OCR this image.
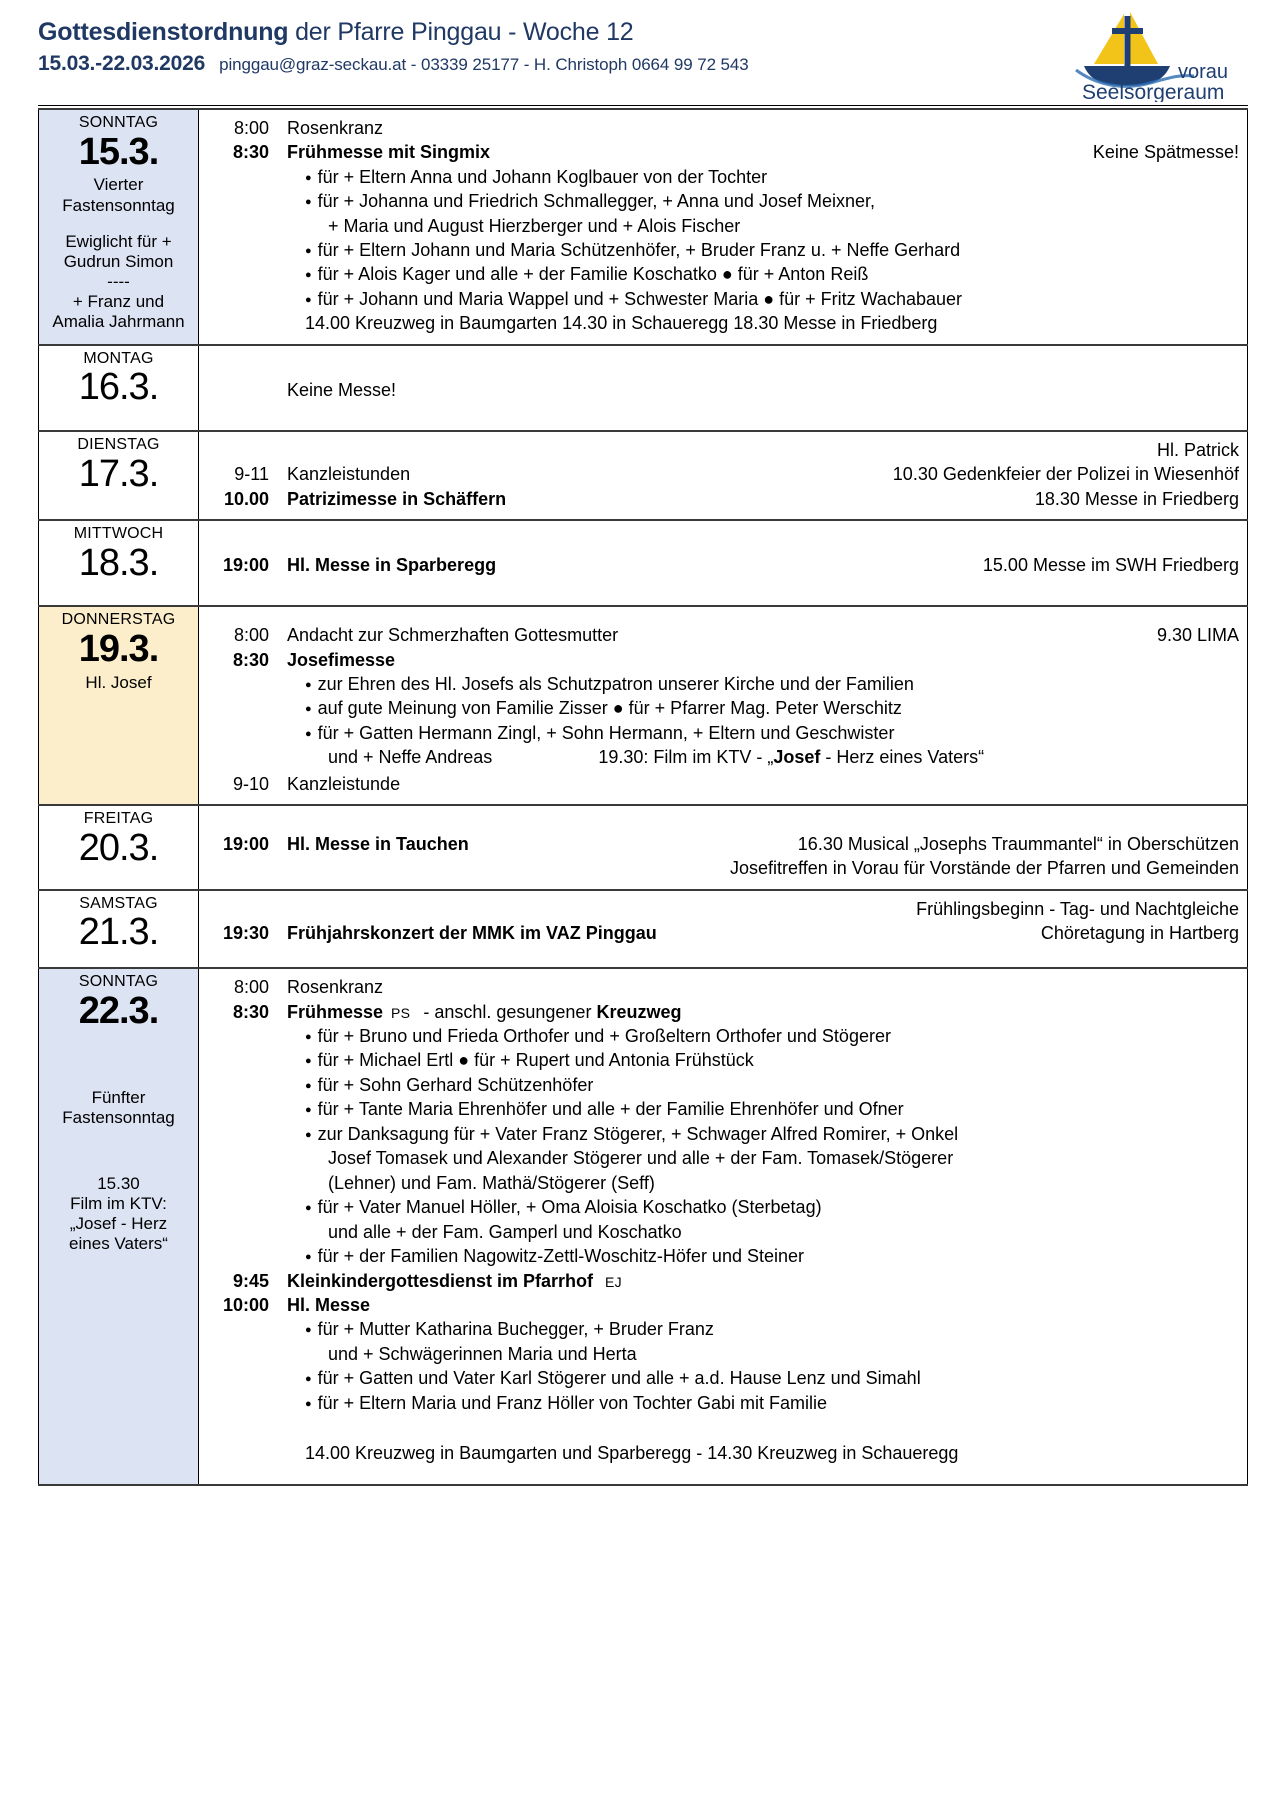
Gottesdienstordnung der Pfarre Pinggau - Woche 12
15.03.-22.03.2026 pinggau@graz-seckau.at - 03339 25177 - H. Christoph 0664 99 72 543	vorau
Seelsorgeraum
SONNTAG
15.3.
Vierter
Fastensonntag
Ewiglicht für +
Gudrun Simon
----
+ Franz und
Amalia Jahrmann

8:00	Rosenkranz
8:30	Frühmesse mit Singmix	Keine Spätmesse!
● für + Eltern Anna und Johann Koglbauer von der Tochter
● für + Johanna und Friedrich Schmallegger, + Anna und Josef Meixner,
+ Maria und August Hierzberger und + Alois Fischer
● für + Eltern Johann und Maria Schützenhöfer, + Bruder Franz u. + Neffe Gerhard
● für + Alois Kager und alle + der Familie Koschatko ● für + Anton Reiß
● für + Johann und Maria Wappel und + Schwester Maria ● für + Fritz Wachabauer
14.00 Kreuzweg in Baumgarten 14.30 in Schaueregg 18.30 Messe in Friedberg

MONTAG
16.3.	Keine Messe!

DIENSTAG
17.3.

Hl. Patrick
9-11	Kanzleistunden	10.30 Gedenkfeier der Polizei in Wiesenhöf
10.00	Patrizimesse in Schäffern	18.30 Messe in Friedberg

MITTWOCH
18.3.	19:00	Hl. Messe in Sparberegg	15.00 Messe im SWH Friedberg

DONNERSTAG
19.3.
Hl. Josef

8:00	Andacht zur Schmerzhaften Gottesmutter	9.30 LIMA
8:30	Josefimesse
● zur Ehren des Hl. Josefs als Schutzpatron unserer Kirche und der Familien
● auf gute Meinung von Familie Zisser ● für + Pfarrer Mag. Peter Werschitz
● für + Gatten Hermann Zingl, + Sohn Hermann, + Eltern und Geschwister
und + Neffe Andreas	19.30: Film im KTV - „Josef - Herz eines Vaters“
9-10	Kanzleistunde

FREITAG
20.3.	19:00	Hl. Messe in Tauchen	16.30 Musical „Josephs Traummantel“ in Oberschützen
Josefitreffen in Vorau für Vorstände der Pfarren und Gemeinden

SAMSTAG
21.3.

Frühlingsbeginn - Tag- und Nachtgleiche
19:30	Frühjahrskonzert der MMK im VAZ Pinggau	Chöretagung in Hartberg

SONNTAG
22.3.
Fünfter
Fastensonntag
15.30
Film im KTV:
„Josef - Herz
eines Vaters“

8:00	Rosenkranz
8:30	Frühmesse PS - anschl. gesungener Kreuzweg
● für + Bruno und Frieda Orthofer und + Großeltern Orthofer und Stögerer
● für + Michael Ertl ● für + Rupert und Antonia Frühstück
● für + Sohn Gerhard Schützenhöfer
● für + Tante Maria Ehrenhöfer und alle + der Familie Ehrenhöfer und Ofner
● zur Danksagung für + Vater Franz Stögerer, + Schwager Alfred Romirer, + Onkel
Josef Tomasek und Alexander Stögerer und alle + der Fam. Tomasek/Stögerer
(Lehner) und Fam. Mathä/Stögerer (Seff)
● für + Vater Manuel Höller, + Oma Aloisia Koschatko (Sterbetag)
und alle + der Fam. Gamperl und Koschatko
● für + der Familien Nagowitz-Zettl-Woschitz-Höfer und Steiner
9:45	Kleinkindergottesdienst im Pfarrhof EJ
10:00	Hl. Messe
● für + Mutter Katharina Buchegger, + Bruder Franz
und + Schwägerinnen Maria und Herta
● für + Gatten und Vater Karl Stögerer und alle + a.d. Hause Lenz und Simahl
● für + Eltern Maria und Franz Höller von Tochter Gabi mit Familie
14.00 Kreuzweg in Baumgarten und Sparberegg - 14.30 Kreuzweg in Schaueregg
